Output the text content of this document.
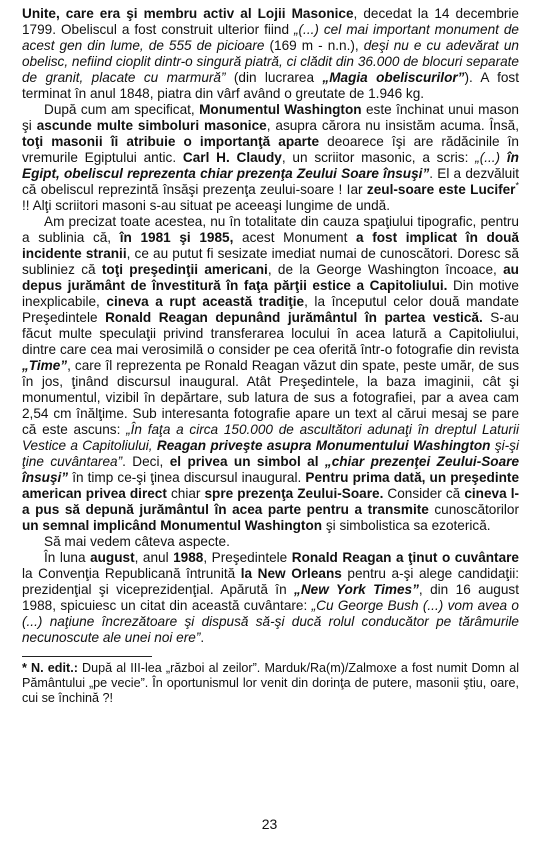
Unite, care era şi membru activ al Lojii Masonice, decedat la 14 decembrie 1799. Obeliscul a fost construit ulterior fiind „(...) cel mai important monument de acest gen din lume, de 555 de picioare (169 m - n.n.), deşi nu e cu adevărat un obelisc, nefiind cioplit dintr-o singură piatră, ci clădit din 36.000 de blocuri separate de granit, placate cu marmură” (din lucrarea „Magia obeliscurilor”). A fost terminat în anul 1848, piatra din vârf având o greutate de 1.946 kg.

După cum am specificat, Monumentul Washington este închinat unui mason şi ascunde multe simboluri masonice, asupra cărora nu insistăm acuma. Însă, toţi masonii îi atribuie o importanţă aparte deoarece îşi are rădăcinile în vremurile Egiptului antic. Carl H. Claudy, un scriitor masonic, a scris: „(...) în Egipt, obeliscul reprezenta chiar prezenţa Zeului Soare însuşi”. El a dezvăluit că obeliscul reprezintă însăşi prezenţa zeului-soare ! Iar zeul-soare este Lucifer* !! Alţi scriitori masoni s-au situat pe aceeaşi lungime de undă.

Am precizat toate acestea, nu în totalitate din cauza spaţiului tipografic, pentru a sublinia că, în 1981 şi 1985, acest Monument a fost implicat în două incidente stranii, ce au putut fi sesizate imediat numai de cunoscători. Doresc să subliniez că toţi preşedinţii americani, de la George Washington încoace, au depus jurământ de învestitură în faţa părţii estice a Capitoliului. Din motive inexplicabile, cineva a rupt această tradiţie, la începutul celor două mandate Preşedintele Ronald Reagan depunând jurământul în partea vestică. S-au făcut multe speculaţii privind transferarea locului în acea latură a Capitoliului, dintre care cea mai verosimilă o consider pe cea oferită într-o fotografie din revista „Time”, care îl reprezenta pe Ronald Reagan văzut din spate, peste umăr, de sus în jos, ţinând discursul inaugural. Atât Preşedintele, la baza imaginii, cât şi monumentul, vizibil în depărtare, sub latura de sus a fotografiei, par a avea cam 2,54 cm înălţime. Sub interesanta fotografie apare un text al cărui mesaj se pare că este ascuns: „În faţa a circa 150.000 de ascultători adunaţi în dreptul Laturii Vestice a Capitoliului, Reagan priveşte asupra Monumentului Washington şi-şi ţine cuvântarea”. Deci, el privea un simbol al „chiar prezenţei Zeului-Soare însuşi” în timp ce-şi ţinea discursul inaugural. Pentru prima dată, un preşedinte american privea direct chiar spre prezenţa Zeului-Soare. Consider că cineva l-a pus să depună jurământul în acea parte pentru a transmite cunoscătorilor un semnal implicând Monumentul Washington şi simbolistica sa ezoterică.

Să mai vedem câteva aspecte.

În luna august, anul 1988, Preşedintele Ronald Reagan a ţinut o cuvântare la Convenţia Republicană întrunită la New Orleans pentru a-şi alege candidaţii: prezidenţial şi viceprezidenţial. Apărută în „New York Times”, din 16 august 1988, spicuiesc un citat din această cuvântare: „Cu George Bush (...) vom avea o (...) naţiune încrezătoare şi dispusă să-şi ducă rolul conducător pe tărâmurile necunoscute ale unei noi ere”.

* N. edit.: După al III-lea „război al zeilor”. Marduk/Ra(m)/Zalmoxe a fost numit Domn al Pământului „pe vecie”. În oportunismul lor venit din dorinţa de putere, masonii ştiu, oare, cui se închină ?!

23
